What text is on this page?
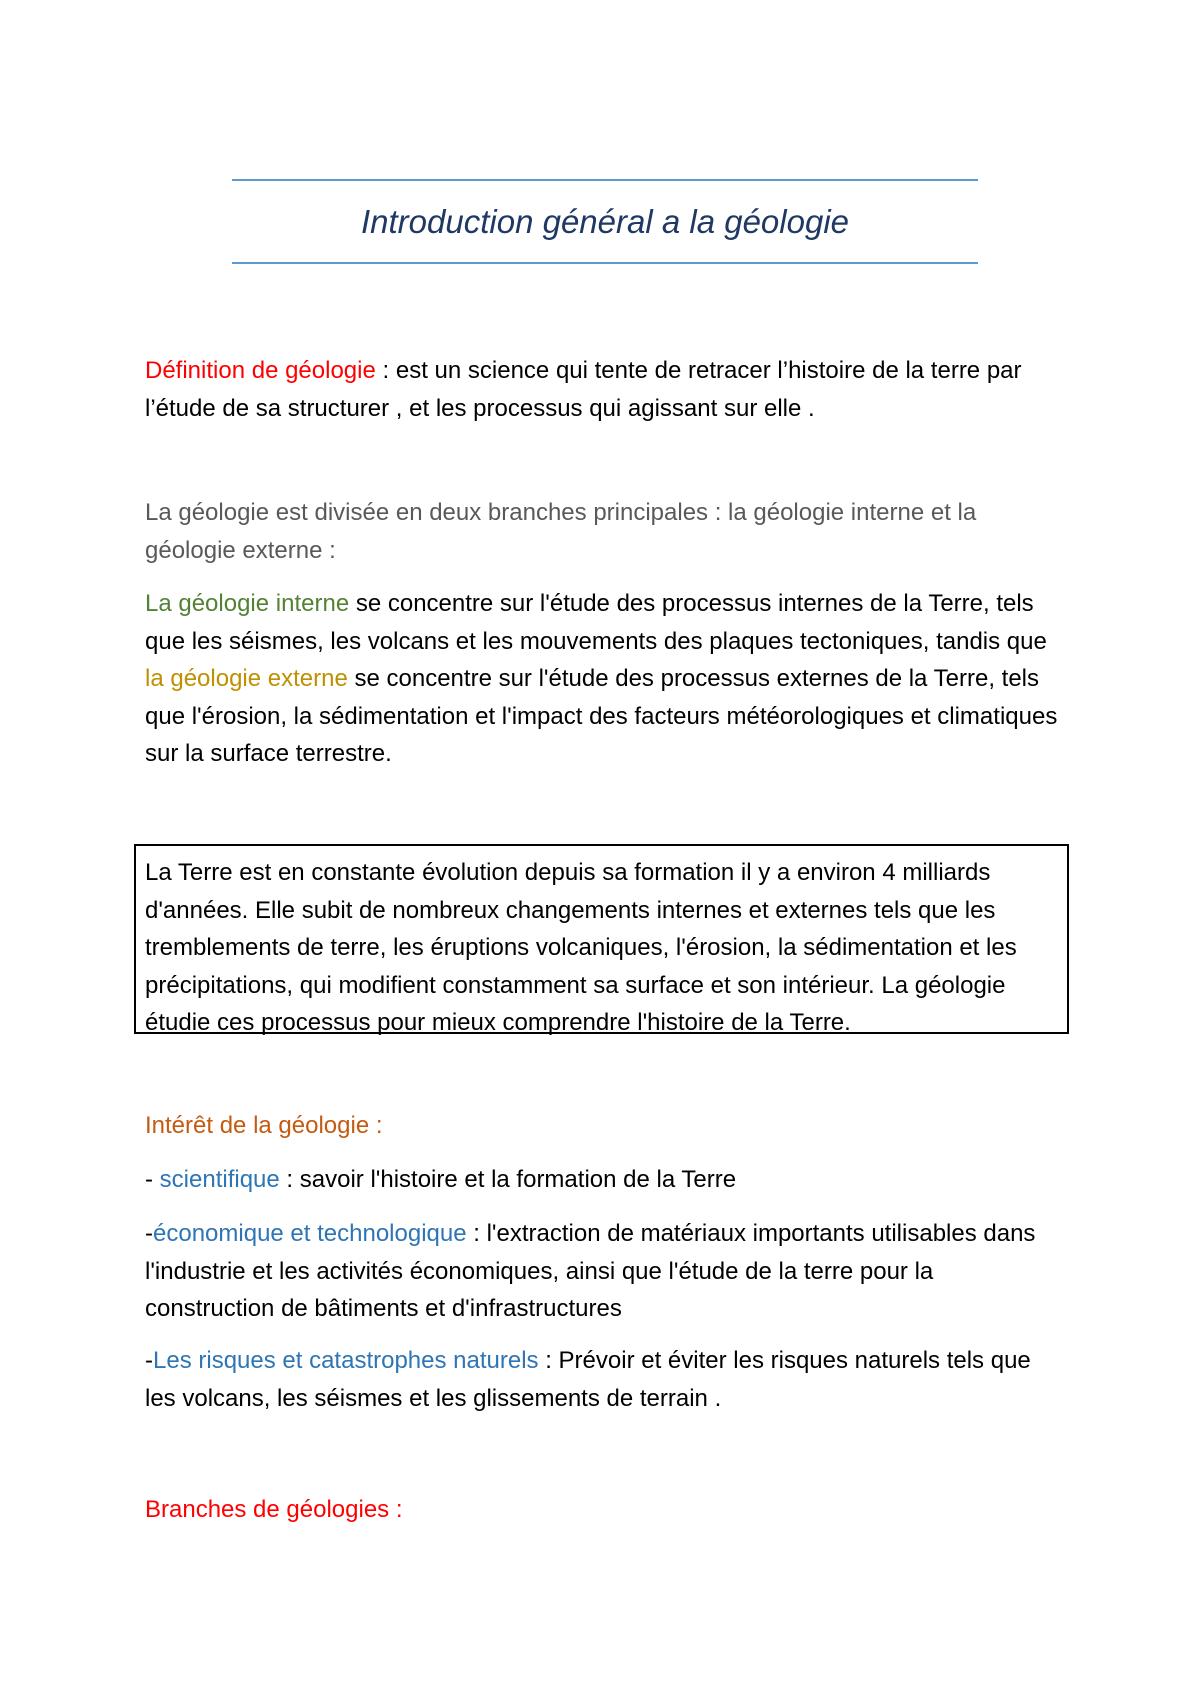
Introduction général a la géologie
Définition de géologie : est un science qui tente de retracer l’histoire de la terre par l’étude de sa structurer , et les processus qui agissant sur elle .
La géologie est divisée en deux branches principales : la géologie interne et la géologie externe :
La géologie interne se concentre sur l'étude des processus internes de la Terre, tels que les séismes, les volcans et les mouvements des plaques tectoniques, tandis que la géologie externe se concentre sur l'étude des processus externes de la Terre, tels que l'érosion, la sédimentation et l'impact des facteurs météorologiques et climatiques sur la surface terrestre.
La Terre est en constante évolution depuis sa formation il y a environ 4 milliards d'années. Elle subit de nombreux changements internes et externes tels que les tremblements de terre, les éruptions volcaniques, l'érosion, la sédimentation et les précipitations, qui modifient constamment sa surface et son intérieur. La géologie étudie ces processus pour mieux comprendre l'histoire de la Terre.
Intérêt de la géologie :
- scientifique : savoir l'histoire et la formation de la Terre
-économique et technologique : l'extraction de matériaux importants utilisables dans l'industrie et les activités économiques, ainsi que l'étude de la terre pour la construction de bâtiments et d'infrastructures
-Les risques et catastrophes naturels : Prévoir et éviter les risques naturels tels que les volcans, les séismes et les glissements de terrain .
Branches de géologies :
